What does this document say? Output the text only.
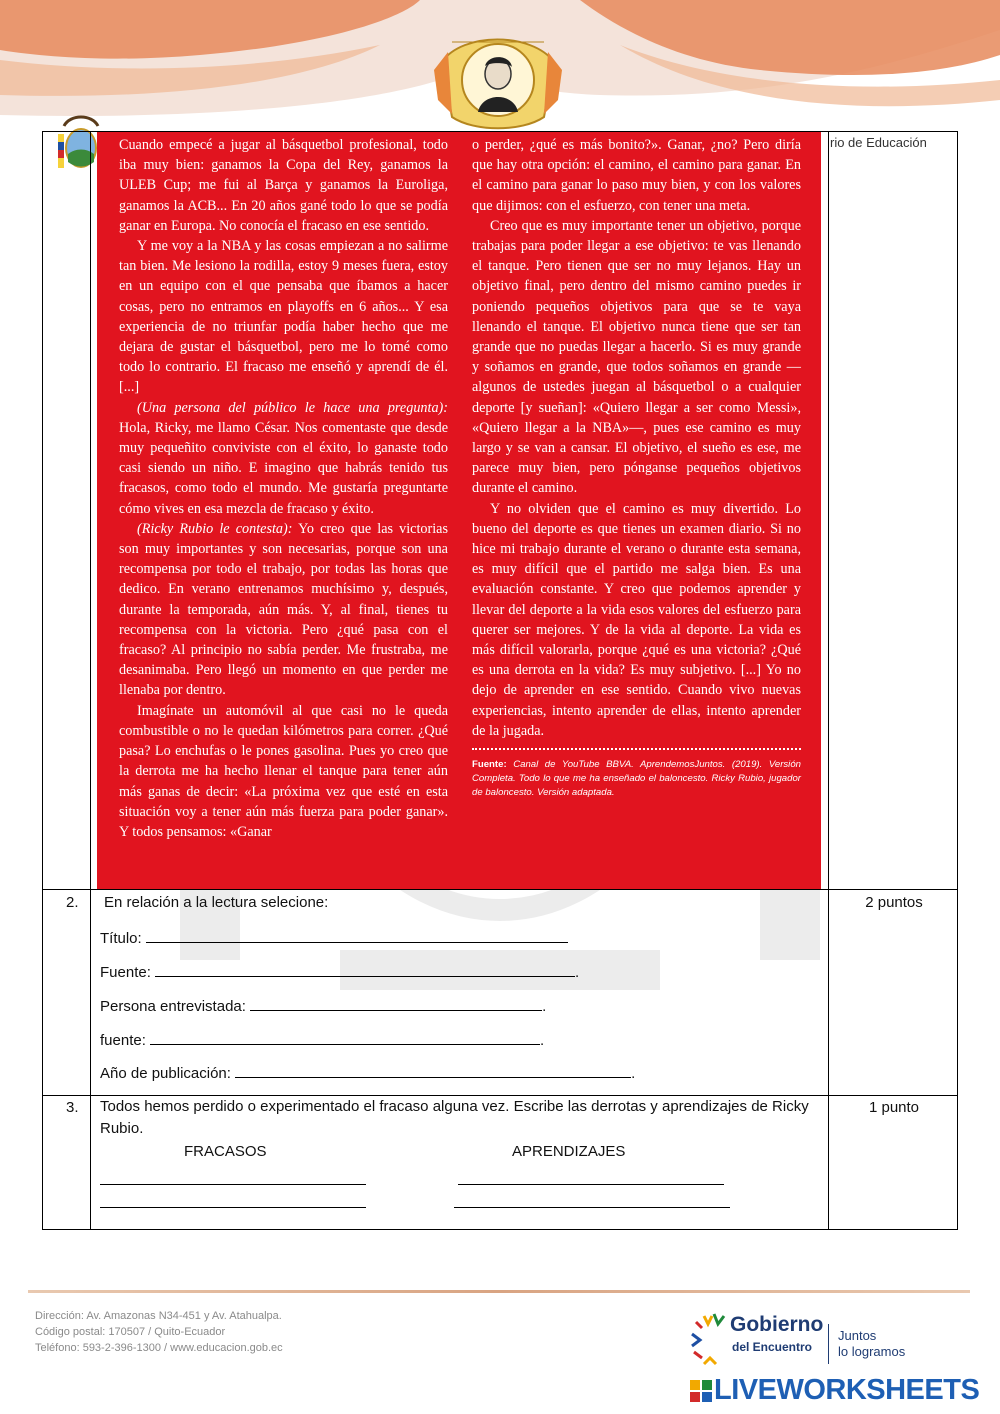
rio de Educación

Cuando empecé a jugar al básquetbol profesional, todo iba muy bien: ganamos la Copa del Rey, ganamos la ULEB Cup; me fui al Barça y ganamos la Euroliga, ganamos la ACB... En 20 años gané todo lo que se podía ganar en Europa. No conocía el fracaso en ese sentido.

Y me voy a la NBA y las cosas empiezan a no salirme tan bien. Me lesiono la rodilla, estoy 9 meses fuera, estoy en un equipo con el que pensaba que íbamos a hacer cosas, pero no entramos en playoffs en 6 años... Y esa experiencia de no triunfar podía haber hecho que me dejara de gustar el básquetbol, pero me lo tomé como todo lo contrario. El fracaso me enseñó y aprendí de él. [...]

(Una persona del público le hace una pregunta): Hola, Ricky, me llamo César. Nos comentaste que desde muy pequeñito conviviste con el éxito, lo ganaste todo casi siendo un niño. E imagino que habrás tenido tus fracasos, como todo el mundo. Me gustaría preguntarte cómo vives en esa mezcla de fracaso y éxito.

(Ricky Rubio le contesta): Yo creo que las victorias son muy importantes y son necesarias, porque son una recompensa por todo el trabajo, por todas las horas que dedico. En verano entrenamos muchísimo y, después, durante la temporada, aún más. Y, al final, tienes tu recompensa con la victoria. Pero ¿qué pasa con el fracaso? Al principio no sabía perder. Me frustraba, me desanimaba. Pero llegó un momento en que perder me llenaba por dentro.

Imagínate un automóvil al que casi no le queda combustible o no le quedan kilómetros para correr. ¿Qué pasa? Lo enchufas o le pones gasolina. Pues yo creo que la derrota me ha hecho llenar el tanque para tener aún más ganas de decir: «La próxima vez que esté en esta situación voy a tener aún más fuerza para poder ganar». Y todos pensamos: «Ganar

o perder, ¿qué es más bonito?». Ganar, ¿no? Pero diría que hay otra opción: el camino, el camino para ganar. En el camino para ganar lo paso muy bien, y con los valores que dijimos: con el esfuerzo, con tener una meta.

Creo que es muy importante tener un objetivo, porque trabajas para poder llegar a ese objetivo: te vas llenando el tanque. Pero tienen que ser no muy lejanos. Hay un objetivo final, pero dentro del mismo camino puedes ir poniendo pequeños objetivos para que se te vaya llenando el tanque. El objetivo nunca tiene que ser tan grande que no puedas llegar a hacerlo. Si es muy grande y soñamos en grande, que todos soñamos en grande —algunos de ustedes juegan al básquetbol o a cualquier deporte [y sueñan]: «Quiero llegar a ser como Messi», «Quiero llegar a la NBA»—, pues ese camino es muy largo y se van a cansar. El objetivo, el sueño es ese, me parece muy bien, pero pónganse pequeños objetivos durante el camino.

Y no olviden que el camino es muy divertido. Lo bueno del deporte es que tienes un examen diario. Si no hice mi trabajo durante el verano o durante esta semana, es muy difícil que el partido me salga bien. Es una evaluación constante. Y creo que podemos aprender y llevar del deporte a la vida esos valores del esfuerzo para querer ser mejores. Y de la vida al deporte. La vida es más difícil valorarla, porque ¿qué es una victoria? ¿Qué es una derrota en la vida? Es muy subjetivo. [...] Yo no dejo de aprender en ese sentido. Cuando vivo nuevas experiencias, intento aprender de ellas, intento aprender de la jugada.

Fuente: Canal de YouTube BBVA. AprendemosJuntos. (2019). Versión Completa. Todo lo que me ha enseñado el baloncesto. Ricky Rubio, jugador de baloncesto. Versión adaptada.

2. En relación a la lectura selecione:	2 puntos
Título:
Fuente:	.
Persona entrevistada:	.
fuente:	.
Año de publicación:	.
3. Todos hemos perdido o experimentado el fracaso alguna vez. Escribe las derrotas y aprendizajes de Ricky Rubio.
1 punto
FRACASOS	APRENDIZAJES
Dirección: Av. Amazonas N34-451 y Av. Atahualpa.
Código postal: 170507 / Quito-Ecuador
Teléfono: 593-2-396-1300 / www.educacion.gob.ec
Gobierno
del Encuentro
Juntos
lo logramos
LIVEWORKSHEETS
